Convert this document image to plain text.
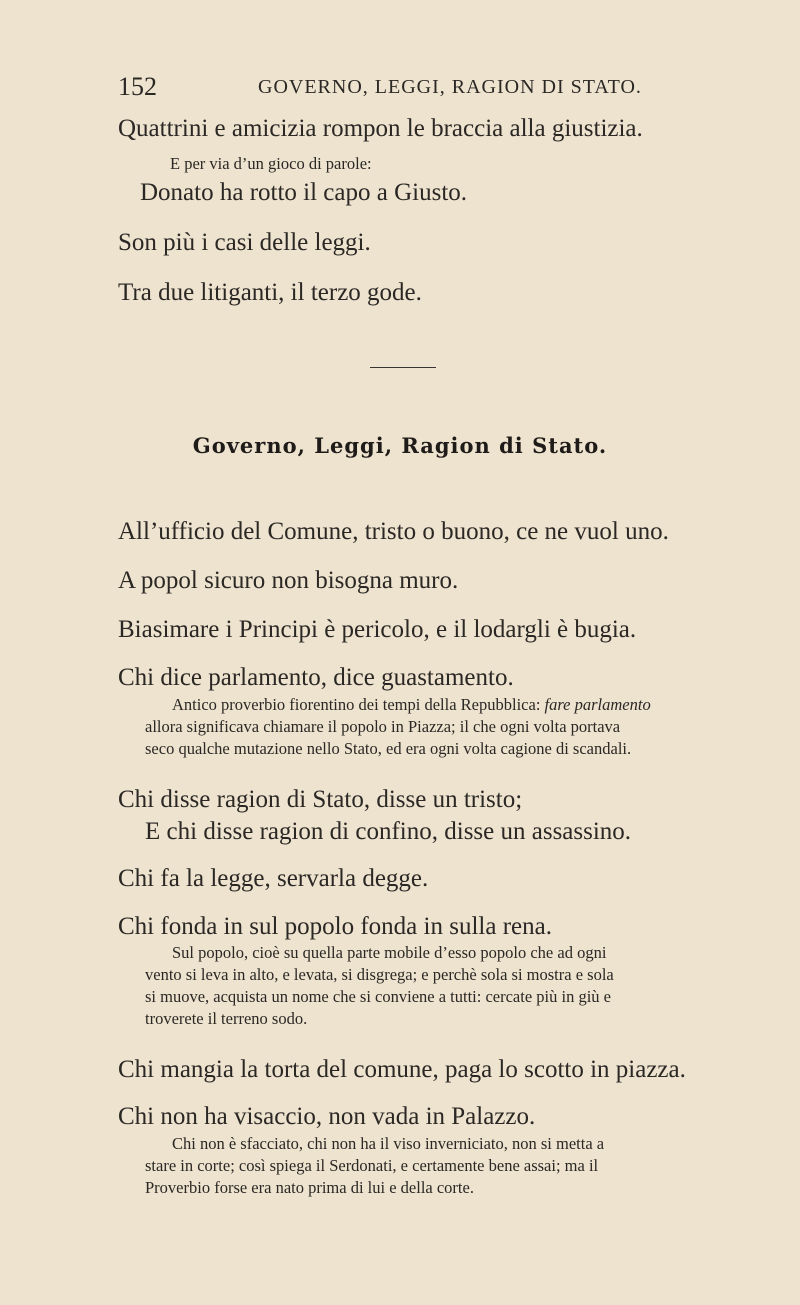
152	GOVERNO, LEGGI, RAGION DI STATO.
Quattrini e amicizia rompon le braccia alla giustizia.
E per via d’un gioco di parole:
Donato ha rotto il capo a Giusto.
Son più i casi delle leggi.
Tra due litiganti, il terzo gode.
Governo, Leggi, Ragion di Stato.
All’ufficio del Comune, tristo o buono, ce ne vuol uno.
A popol sicuro non bisogna muro.
Biasimare i Principi è pericolo, e il lodargli è bugia.
Chi dice parlamento, dice guastamento.
Antico proverbio fiorentino dei tempi della Repubblica: fare parlamento
allora significava chiamare il popolo in Piazza; il che ogni volta portava
seco qualche mutazione nello Stato, ed era ogni volta cagione di scandali.
Chi disse ragion di Stato, disse un tristo;
E chi disse ragion di confino, disse un assassino.
Chi fa la legge, servarla degge.
Chi fonda in sul popolo fonda in sulla rena.
Sul popolo, cioè su quella parte mobile d’esso popolo che ad ogni
vento si leva in alto, e levata, si disgrega; e perchè sola si mostra e sola
si muove, acquista un nome che si conviene a tutti: cercate più in giù e
troverete il terreno sodo.
Chi mangia la torta del comune, paga lo scotto in piazza.
Chi non ha visaccio, non vada in Palazzo.
Chi non è sfacciato, chi non ha il viso inverniciato, non si metta a
stare in corte; così spiega il Serdonati, e certamente bene assai; ma il
Proverbio forse era nato prima di lui e della corte.
